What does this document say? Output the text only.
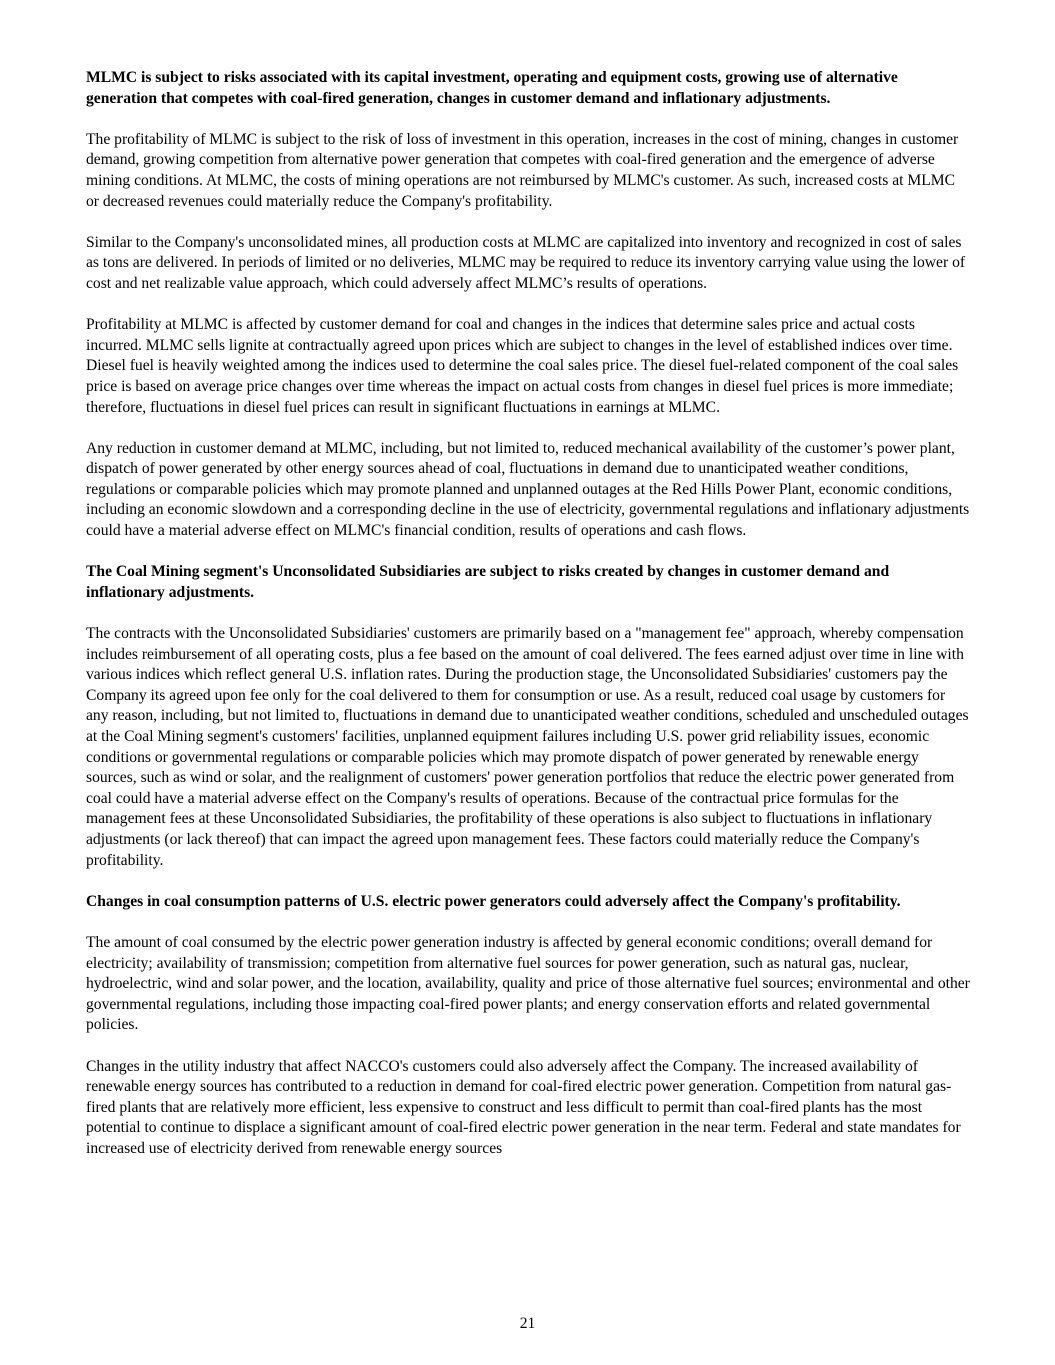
MLMC is subject to risks associated with its capital investment, operating and equipment costs, growing use of alternative generation that competes with coal-fired generation, changes in customer demand and inflationary adjustments.

The profitability of MLMC is subject to the risk of loss of investment in this operation, increases in the cost of mining, changes in customer demand, growing competition from alternative power generation that competes with coal-fired generation and the emergence of adverse mining conditions. At MLMC, the costs of mining operations are not reimbursed by MLMC's customer. As such, increased costs at MLMC or decreased revenues could materially reduce the Company's profitability.

Similar to the Company's unconsolidated mines, all production costs at MLMC are capitalized into inventory and recognized in cost of sales as tons are delivered. In periods of limited or no deliveries, MLMC may be required to reduce its inventory carrying value using the lower of cost and net realizable value approach, which could adversely affect MLMC’s results of operations.

Profitability at MLMC is affected by customer demand for coal and changes in the indices that determine sales price and actual costs incurred. MLMC sells lignite at contractually agreed upon prices which are subject to changes in the level of established indices over time. Diesel fuel is heavily weighted among the indices used to determine the coal sales price. The diesel fuel-related component of the coal sales price is based on average price changes over time whereas the impact on actual costs from changes in diesel fuel prices is more immediate; therefore, fluctuations in diesel fuel prices can result in significant fluctuations in earnings at MLMC.

Any reduction in customer demand at MLMC, including, but not limited to, reduced mechanical availability of the customer’s power plant, dispatch of power generated by other energy sources ahead of coal, fluctuations in demand due to unanticipated weather conditions, regulations or comparable policies which may promote planned and unplanned outages at the Red Hills Power Plant, economic conditions, including an economic slowdown and a corresponding decline in the use of electricity, governmental regulations and inflationary adjustments could have a material adverse effect on MLMC's financial condition, results of operations and cash flows.

The Coal Mining segment's Unconsolidated Subsidiaries are subject to risks created by changes in customer demand and inflationary adjustments.

The contracts with the Unconsolidated Subsidiaries' customers are primarily based on a "management fee" approach, whereby compensation includes reimbursement of all operating costs, plus a fee based on the amount of coal delivered. The fees earned adjust over time in line with various indices which reflect general U.S. inflation rates. During the production stage, the Unconsolidated Subsidiaries' customers pay the Company its agreed upon fee only for the coal delivered to them for consumption or use. As a result, reduced coal usage by customers for any reason, including, but not limited to, fluctuations in demand due to unanticipated weather conditions, scheduled and unscheduled outages at the Coal Mining segment's customers' facilities, unplanned equipment failures including U.S. power grid reliability issues, economic conditions or governmental regulations or comparable policies which may promote dispatch of power generated by renewable energy sources, such as wind or solar, and the realignment of customers' power generation portfolios that reduce the electric power generated from coal could have a material adverse effect on the Company's results of operations. Because of the contractual price formulas for the management fees at these Unconsolidated Subsidiaries, the profitability of these operations is also subject to fluctuations in inflationary adjustments (or lack thereof) that can impact the agreed upon management fees. These factors could materially reduce the Company's profitability.

Changes in coal consumption patterns of U.S. electric power generators could adversely affect the Company's profitability.

The amount of coal consumed by the electric power generation industry is affected by general economic conditions; overall demand for electricity; availability of transmission; competition from alternative fuel sources for power generation, such as natural gas, nuclear, hydroelectric, wind and solar power, and the location, availability, quality and price of those alternative fuel sources; environmental and other governmental regulations, including those impacting coal-fired power plants; and energy conservation efforts and related governmental policies.

Changes in the utility industry that affect NACCO's customers could also adversely affect the Company. The increased availability of renewable energy sources has contributed to a reduction in demand for coal-fired electric power generation. Competition from natural gas-fired plants that are relatively more efficient, less expensive to construct and less difficult to permit than coal-fired plants has the most potential to continue to displace a significant amount of coal-fired electric power generation in the near term. Federal and state mandates for increased use of electricity derived from renewable energy sources

21
